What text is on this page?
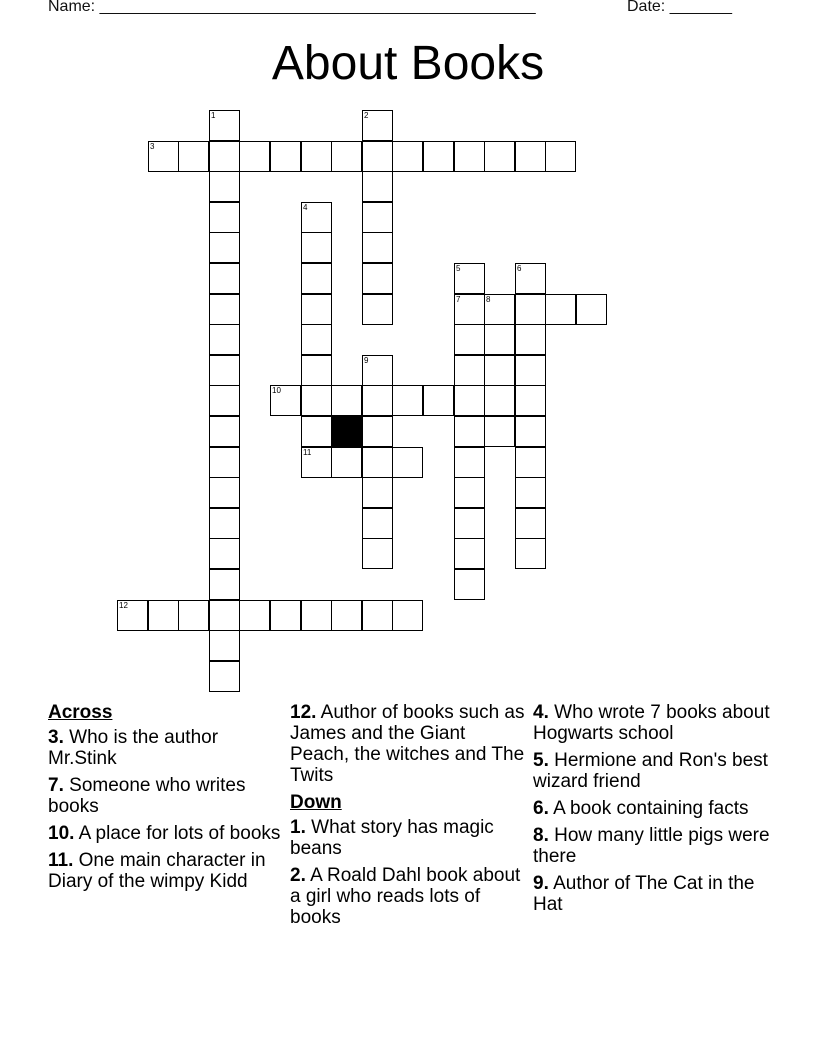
Name: _________________________________________________	Date: _______
About Books
1	2
3
4
5	6
7	8
9
10
11
12
Across
3. Who is the author Mr.Stink
7. Someone who writes books
10. A place for lots of books
11. One main character in Diary of the wimpy Kidd
12. Author of books such as James and the Giant Peach, the witches and The Twits
Down
1. What story has magic beans
2. A Roald Dahl book about a girl who reads lots of books
4. Who wrote 7 books about Hogwarts school
5. Hermione and Ron's best wizard friend
6. A book containing facts
8. How many little pigs were there
9. Author of The Cat in the Hat
